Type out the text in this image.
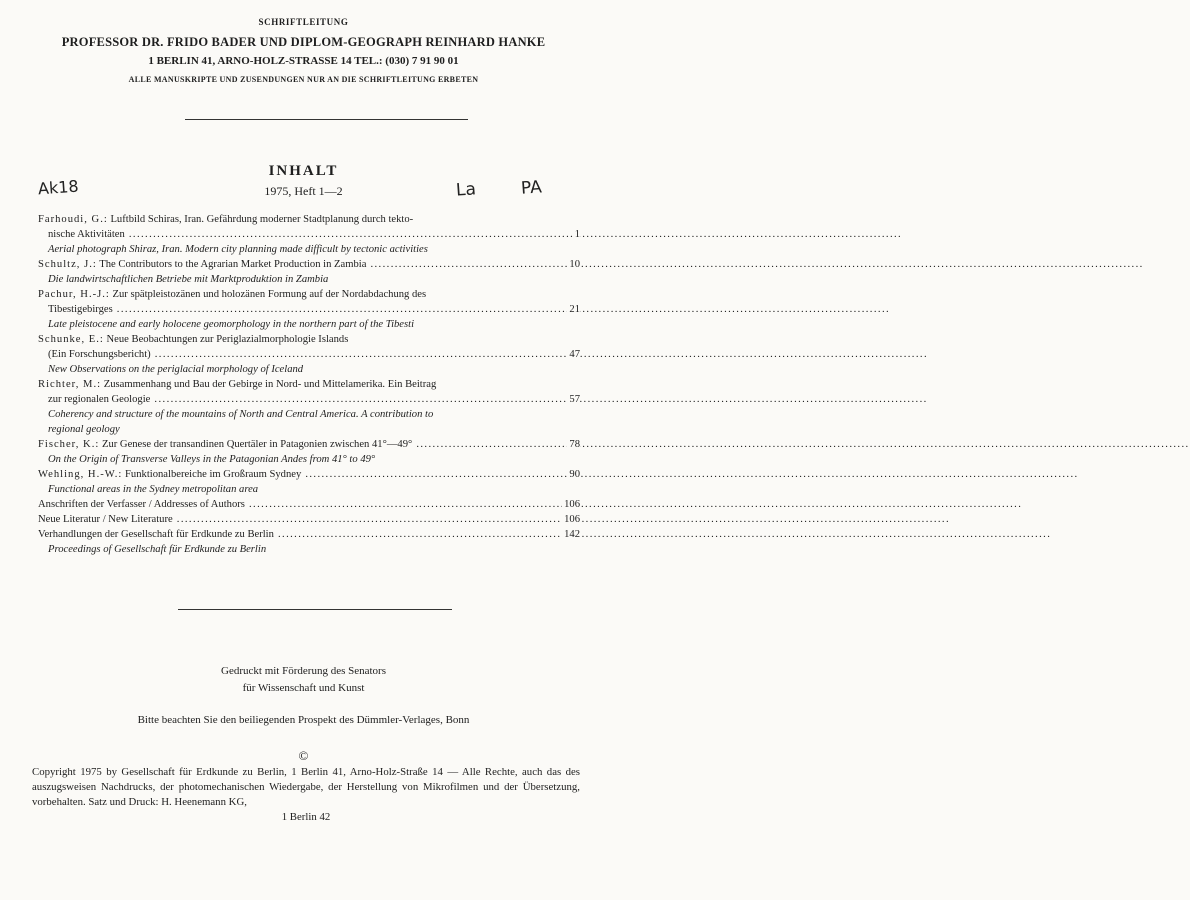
SCHRIFTLEITUNG
PROFESSOR DR. FRIDO BADER UND DIPLOM-GEOGRAPH REINHARD HANKE
1 BERLIN 41, ARNO-HOLZ-STRASSE 14 TEL.: (030) 7 91 90 01
ALLE MANUSKRIPTE UND ZUSENDUNGEN NUR AN DIE SCHRIFTLEITUNG ERBETEN
INHALT
1975, Heft 1—2
Ak18	La	PA
Farhoudi, G.: Luftbild Schiras, Iran. Gefährdung moderner Stadtplanung durch tekto-
nische Aktivitäten .....	1
Aerial photograph Shiraz, Iran. Modern city planning made difficult by tectonic activities
Schultz, J.: The Contributors to the Agrarian Market Production in Zambia .....	10
Die landwirtschaftlichen Betriebe mit Marktproduktion in Zambia
Pachur, H.-J.: Zur spätpleistozänen und holozänen Formung auf der Nordabdachung des
Tibestigebirges .....	21
Late pleistocene and early holocene geomorphology in the northern part of the Tibesti
Schunke, E.: Neue Beobachtungen zur Periglazialmorphologie Islands
(Ein Forschungsbericht) .....	47
New Observations on the periglacial morphology of Iceland
Richter, M.: Zusammenhang und Bau der Gebirge in Nord- und Mittelamerika. Ein Beitrag
zur regionalen Geologie .....	57
Coherency and structure of the mountains of North and Central America. A contribution to
regional geology
Fischer, K.: Zur Genese der transandinen Quertäler in Patagonien zwischen 41°—49° .....	78
On the Origin of Transverse Valleys in the Patagonian Andes from 41° to 49°
Wehling, H.-W.: Funktionalbereiche im Großraum Sydney .....	90
Functional areas in the Sydney metropolitan area
Anschriften der Verfasser / Addresses of Authors .....	106
Neue Literatur / New Literature .....	106
Verhandlungen der Gesellschaft für Erdkunde zu Berlin .....	142
Proceedings of Gesellschaft für Erdkunde zu Berlin
Gedruckt mit Förderung des Senators
für Wissenschaft und Kunst
Bitte beachten Sie den beiliegenden Prospekt des Dümmler-Verlages, Bonn
©
Copyright 1975 by Gesellschaft für Erdkunde zu Berlin, 1 Berlin 41, Arno-Holz-Straße 14 — Alle Rechte, auch das des auszugsweisen Nachdrucks, der photomechanischen Wiedergabe, der Herstellung von Mikrofilmen und der Übersetzung, vorbehalten. Satz und Druck: H. Heenemann KG,
1 Berlin 42
